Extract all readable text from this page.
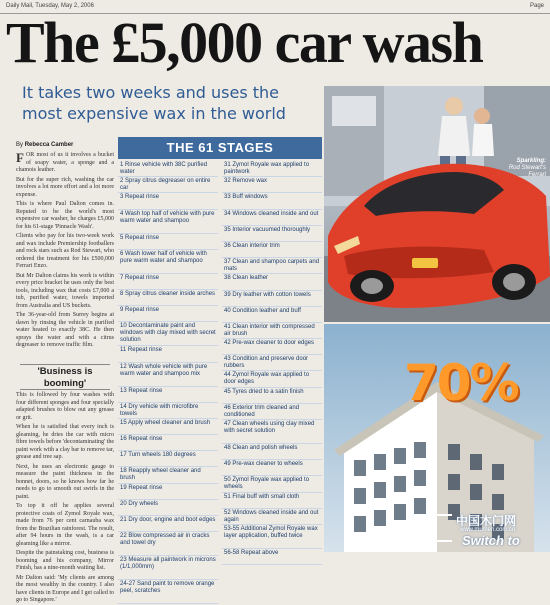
Daily Mail, Tuesday, May 2, 2006	Page
The £5,000 car wash
It takes two weeks and uses the most expensive wax in the world
By Rebecca Camber

FOR most of us it involves a bucket of soapy water, a sponge and a chamois leather.

But for the super rich, washing the car involves a lot more effort and a lot more expense.

This is where Paul Dalton comes in. Reputed to be the world's most expensive car washer, he charges £5,000 for his 61-stage 'Pinnacle Wash'.

Clients who pay for his two-week work and wax include Premiership footballers and rock stars such as Rod Stewart, who ordered the treatment for his £500,000 Ferrari Enzo.

But Mr Dalton claims his work is within every price bracket he uses only the best tools, including wax that costs £7,000 a tub, purified water, towels imported from Australia and US buckets.

The 36-year-old from Surrey begins at dawn by rinsing the vehicle in purified water heated to exactly 38C. He then sprays the water and with a citrus degreaser to remove traffic film.

'Business is booming'

This is followed by four washes with four different sponges and four specially adapted brushes to blow out any grease or grit.

When he is satisfied that every inch is gleaming, he dries the car with micro fibre towels before 'decontaminating' the paint work with a clay bar to remove tar, grease and tree sap.

Next, he uses an electronic gauge to measure the paint thickness in the bonnet, doors, so he knows how far he needs to go to smooth out swirls in the paint.

To top it off he applies several protective coats of Zymol Royale wax, made from 76 per cent carnauba wax from the Brazilian rainforest. The result, after 94 hours in the wash, is a car gleaming like a mirror.

Despite the painstaking cost, business is booming and his company, Mirror Finish, has a nine-month waiting list.

Mr Dalton said: 'My clients are among the most wealthy in the country. I also have clients in Europe and I get called to go to Singapore.'

THE 61 STAGES
1 Rinse vehicle with 38C purified water
2 Spray citrus degreaser on entire car
3 Repeat rinse
4 Wash top half of vehicle with pure warm water and shampoo
5 Repeat rinse
6 Wash lower half of vehicle with pure warm water and shampoo
7 Repeat rinse
8 Spray citrus cleaner inside arches
9 Repeat rinse
10 Decontaminate paint and windows with clay mixed with secret solution
11 Repeat rinse
12 Wash whole vehicle with pure warm water and shampoo mix
13 Repeat rinse
14 Dry vehicle with microfibre towels
15 Apply wheel cleaner and brush
16 Repeat rinse
17 Turn wheels 180 degrees
18 Reapply wheel cleaner and brush
19 Repeat rinse
20 Dry wheels
21 Dry door, engine and boot edges
22 Blow compressed air in cracks and towel dry
23 Measure all paintwork in microns (1/1,000mm)
24-27 Sand paint to remove orange peel, scratches
31 Zymol Royale wax applied to paintwork
32 Remove wax
33 Buff windows
34 Windows cleaned inside and out
35 Interior vacuumed thoroughly
36 Clean interior trim
37 Clean and shampoo carpets and mats
38 Clean leather
39 Dry leather with cotton towels
40 Condition leather and buff
41 Clean interior with compressed air brush
42 Pre-wax cleaner to door edges
43 Condition and preserve door rubbers
44 Zymol Royale wax applied to door edges
45 Tyres dried to a satin finish
46 Exterior trim cleaned and conditioned
47 Clean wheels using clay mixed with secret solution
48 Clean and polish wheels
49 Pre-wax cleaner to wheels
50 Zymol Royale wax applied to wheels
51 Final buff with small cloth
52 Windows cleaned inside and out again
53-55 Additional Zymol Royale wax layer application, buffed twice
56-58 Repeat above
Sparkling:
Rod Stewart's Ferrari
70%
中国木门网
www.mumen.com.cn
Switch to
